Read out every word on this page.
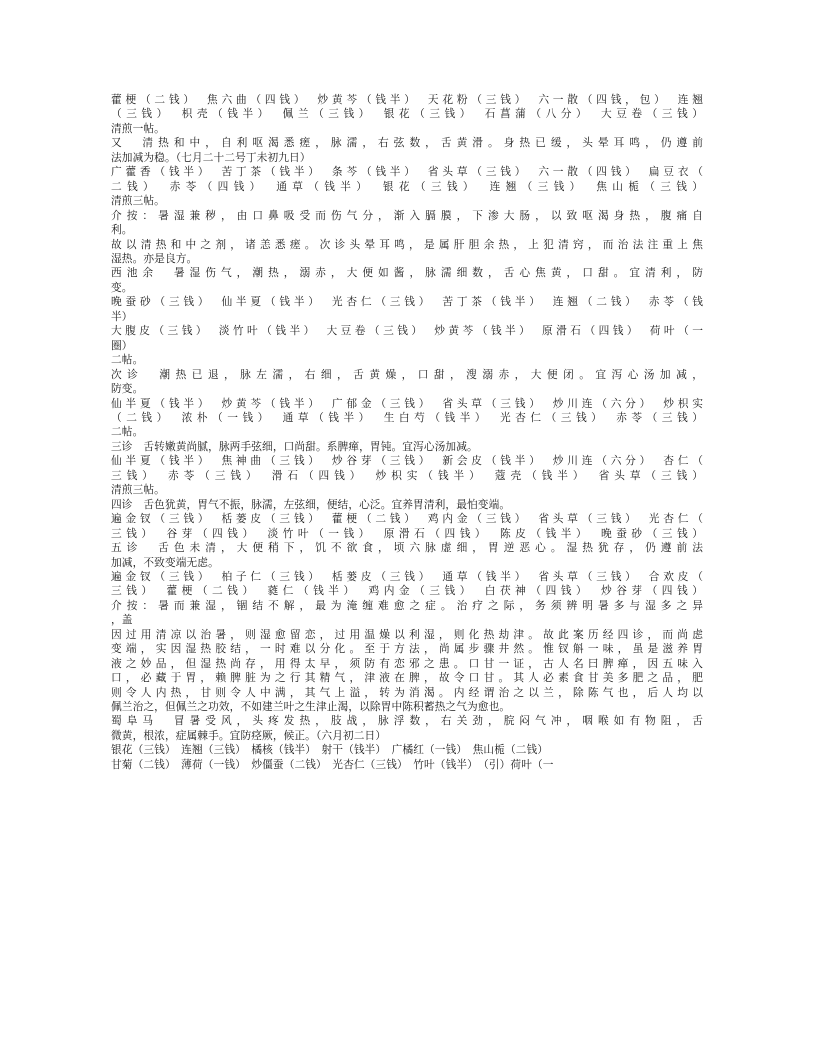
藿梗（二钱）　焦六曲（四钱）　炒黄芩（钱半）　天花粉（三钱）　六一散（四钱，包）　连翘
（三钱）　枳壳（钱半）　佩兰（三钱）　银花（三钱）　石菖蒲（八分）　大豆卷（三钱）
清煎一帖。
又　清热和中，自利呕渴悉瘥，脉濡，右弦数，舌黄滑。身热已缓，头晕耳鸣，仍遵前
法加减为稳。（七月二十二号丁未初九日）
广藿香（钱半）　苦丁茶（钱半）　条芩（钱半）　省头草（三钱）　六一散（四钱）　扁豆衣（
二钱）　赤苓（四钱）　通草（钱半）　银花（三钱）　连翘（三钱）　焦山栀（三钱）
清煎三帖。
介按：暑湿兼秽，由口鼻吸受而伤气分，渐入膈膜，下渗大肠，以致呕渴身热，腹痛自
利。
故以清热和中之剂，诸恙悉瘥。次诊头晕耳鸣，是属肝胆余热，上犯清窍，而治法注重上焦
湿热。亦是良方。
西池余　暑湿伤气，潮热，溺赤，大便如酱，脉濡细数，舌心焦黄，口甜。宜清利，防
变。
晚蚕砂（三钱）　仙半夏（钱半）　光杏仁（三钱）　苦丁茶（钱半）　连翘（二钱）　赤苓（钱
半）
大腹皮（三钱）　淡竹叶（钱半）　大豆卷（三钱）　炒黄芩（钱半）　原滑石（四钱）　荷叶（一
圈）
二帖。
次诊　潮热已退，脉左濡，右细，舌黄燥，口甜，溲溺赤，大便闭。宜泻心汤加减，
防变。
仙半夏（钱半）　炒黄芩（钱半）　广郁金（三钱）　省头草（三钱）　炒川连（六分）　炒枳实
（二钱）　浓朴（一钱）　通草（钱半）　生白芍（钱半）　光杏仁（三钱）　赤苓（三钱）
二帖。
三诊　舌转嫩黄尚腻，脉两手弦细，口尚甜。系脾瘅，胃钝。宜泻心汤加减。
仙半夏（钱半）　焦神曲（三钱）　炒谷芽（三钱）　新会皮（钱半）　炒川连（六分）　杏仁（
三钱）　赤苓（三钱）　滑石（四钱）　炒枳实（钱半）　蔻壳（钱半）　省头草（三钱）
清煎三帖。
四诊　舌色犹黄，胃气不振，脉濡，左弦细，便结，心泛。宜养胃清利，最怕变端。
遍金钗（三钱）　栝蒌皮（三钱）　藿梗（二钱）　鸡内金（三钱）　省头草（三钱）　光杏仁（
三钱）　谷芽（四钱）　淡竹叶（一钱）　原滑石（四钱）　陈皮（钱半）　晚蚕砂（三钱）
五诊　舌色未清，大便稍下，饥不欲食，顷六脉虚细，胃逆恶心。湿热犹存，仍遵前法
加减，不致变端无虑。
遍金钗（三钱）　柏子仁（三钱）　栝蒌皮（三钱）　通草（钱半）　省头草（三钱）　合欢皮（
三钱）　藿梗（二钱）　蕤仁（钱半）　鸡内金（三钱）　白茯神（四钱）　炒谷芽（四钱）
介按：暑而兼湿，锢结不解，最为淹缠难愈之症。治疗之际，务须辨明暑多与湿多之异
，盖
因过用清凉以治暑，则湿愈留恋，过用温燥以利湿，则化热劫津。故此案历经四诊，而尚虑
变端，实因湿热胶结，一时难以分化。至于方法，尚属步骤井然。惟钗斛一味，虽是滋养胃
液之妙品，但湿热尚存，用得太早，须防有恋邪之患。口甘一证，古人名曰脾瘅，因五味入
口，必藏于胃，赖脾脏为之行其精气，津液在脾，故令口甘。其人必素食甘美多肥之品，肥
则令人内热，甘则令人中满，其气上溢，转为消渴。内经谓治之以兰，除陈气也，后人均以
佩兰治之，但佩兰之功效，不如建兰叶之生津止渴，以除胃中陈积蓄热之气为愈也。
蜀阜马　冒暑受风，头疼发热，肢战，脉浮数，右关劲，脘闷气冲，咽喉如有物阻，舌
微黄，根浓，症属棘手。宜防痉厥，候正。（六月初二日）
银花（三钱）　连翘（三钱）　橘核（钱半）　射干（钱半）　广橘红（一钱）　焦山栀（二钱）
甘菊（二钱）　薄荷（一钱）　炒僵蚕（二钱）　光杏仁（三钱）　竹叶（钱半）　（引）荷叶（一
